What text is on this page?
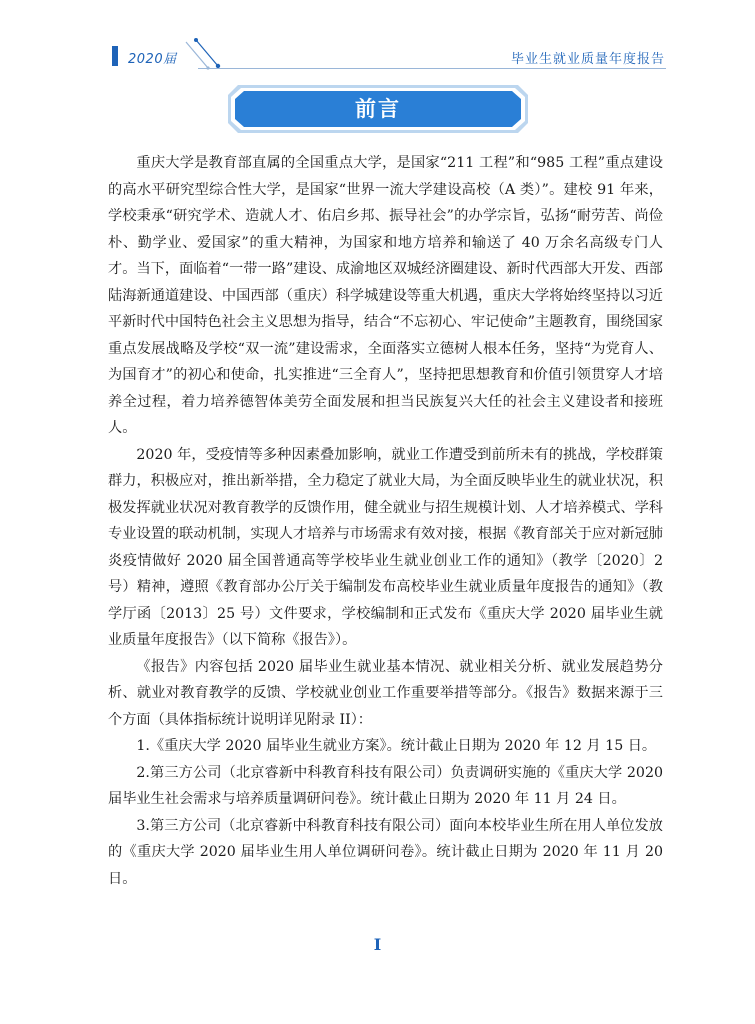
2020届	毕业生就业质量年度报告
前言

重庆大学是教育部直属的全国重点大学，是国家“211 工程”和“985 工程”重点建设的高水平研究型综合性大学，是国家“世界一流大学建设高校（A 类）”。建校 91 年来，学校秉承“研究学术、造就人才、佑启乡邦、振导社会”的办学宗旨，弘扬“耐劳苦、尚俭朴、勤学业、爱国家”的重大精神，为国家和地方培养和输送了 40 万余名高级专门人才。当下，面临着“一带一路”建设、成渝地区双城经济圈建设、新时代西部大开发、西部陆海新通道建设、中国西部（重庆）科学城建设等重大机遇，重庆大学将始终坚持以习近平新时代中国特色社会主义思想为指导，结合“不忘初心、牢记使命”主题教育，围绕国家重点发展战略及学校“双一流”建设需求，全面落实立德树人根本任务，坚持“为党育人、为国育才”的初心和使命，扎实推进“三全育人”，坚持把思想教育和价值引领贯穿人才培养全过程，着力培养德智体美劳全面发展和担当民族复兴大任的社会主义建设者和接班人。

2020 年，受疫情等多种因素叠加影响，就业工作遭受到前所未有的挑战，学校群策群力，积极应对，推出新举措，全力稳定了就业大局，为全面反映毕业生的就业状况，积极发挥就业状况对教育教学的反馈作用，健全就业与招生规模计划、人才培养模式、学科专业设置的联动机制，实现人才培养与市场需求有效对接，根据《教育部关于应对新冠肺炎疫情做好 2020 届全国普通高等学校毕业生就业创业工作的通知》（教学〔2020〕2 号）精神，遵照《教育部办公厅关于编制发布高校毕业生就业质量年度报告的通知》（教学厅函〔2013〕25 号）文件要求，学校编制和正式发布《重庆大学 2020 届毕业生就业质量年度报告》（以下简称《报告》）。

《报告》内容包括 2020 届毕业生就业基本情况、就业相关分析、就业发展趋势分析、就业对教育教学的反馈、学校就业创业工作重要举措等部分。《报告》数据来源于三个方面（具体指标统计说明详见附录 II）：

1.《重庆大学 2020 届毕业生就业方案》。统计截止日期为 2020 年 12 月 15 日。

2.第三方公司（北京睿新中科教育科技有限公司）负责调研实施的《重庆大学 2020 届毕业生社会需求与培养质量调研问卷》。统计截止日期为 2020 年 11 月 24 日。

3.第三方公司（北京睿新中科教育科技有限公司）面向本校毕业生所在用人单位发放的《重庆大学 2020 届毕业生用人单位调研问卷》。统计截止日期为 2020 年 11 月 20 日。

I
